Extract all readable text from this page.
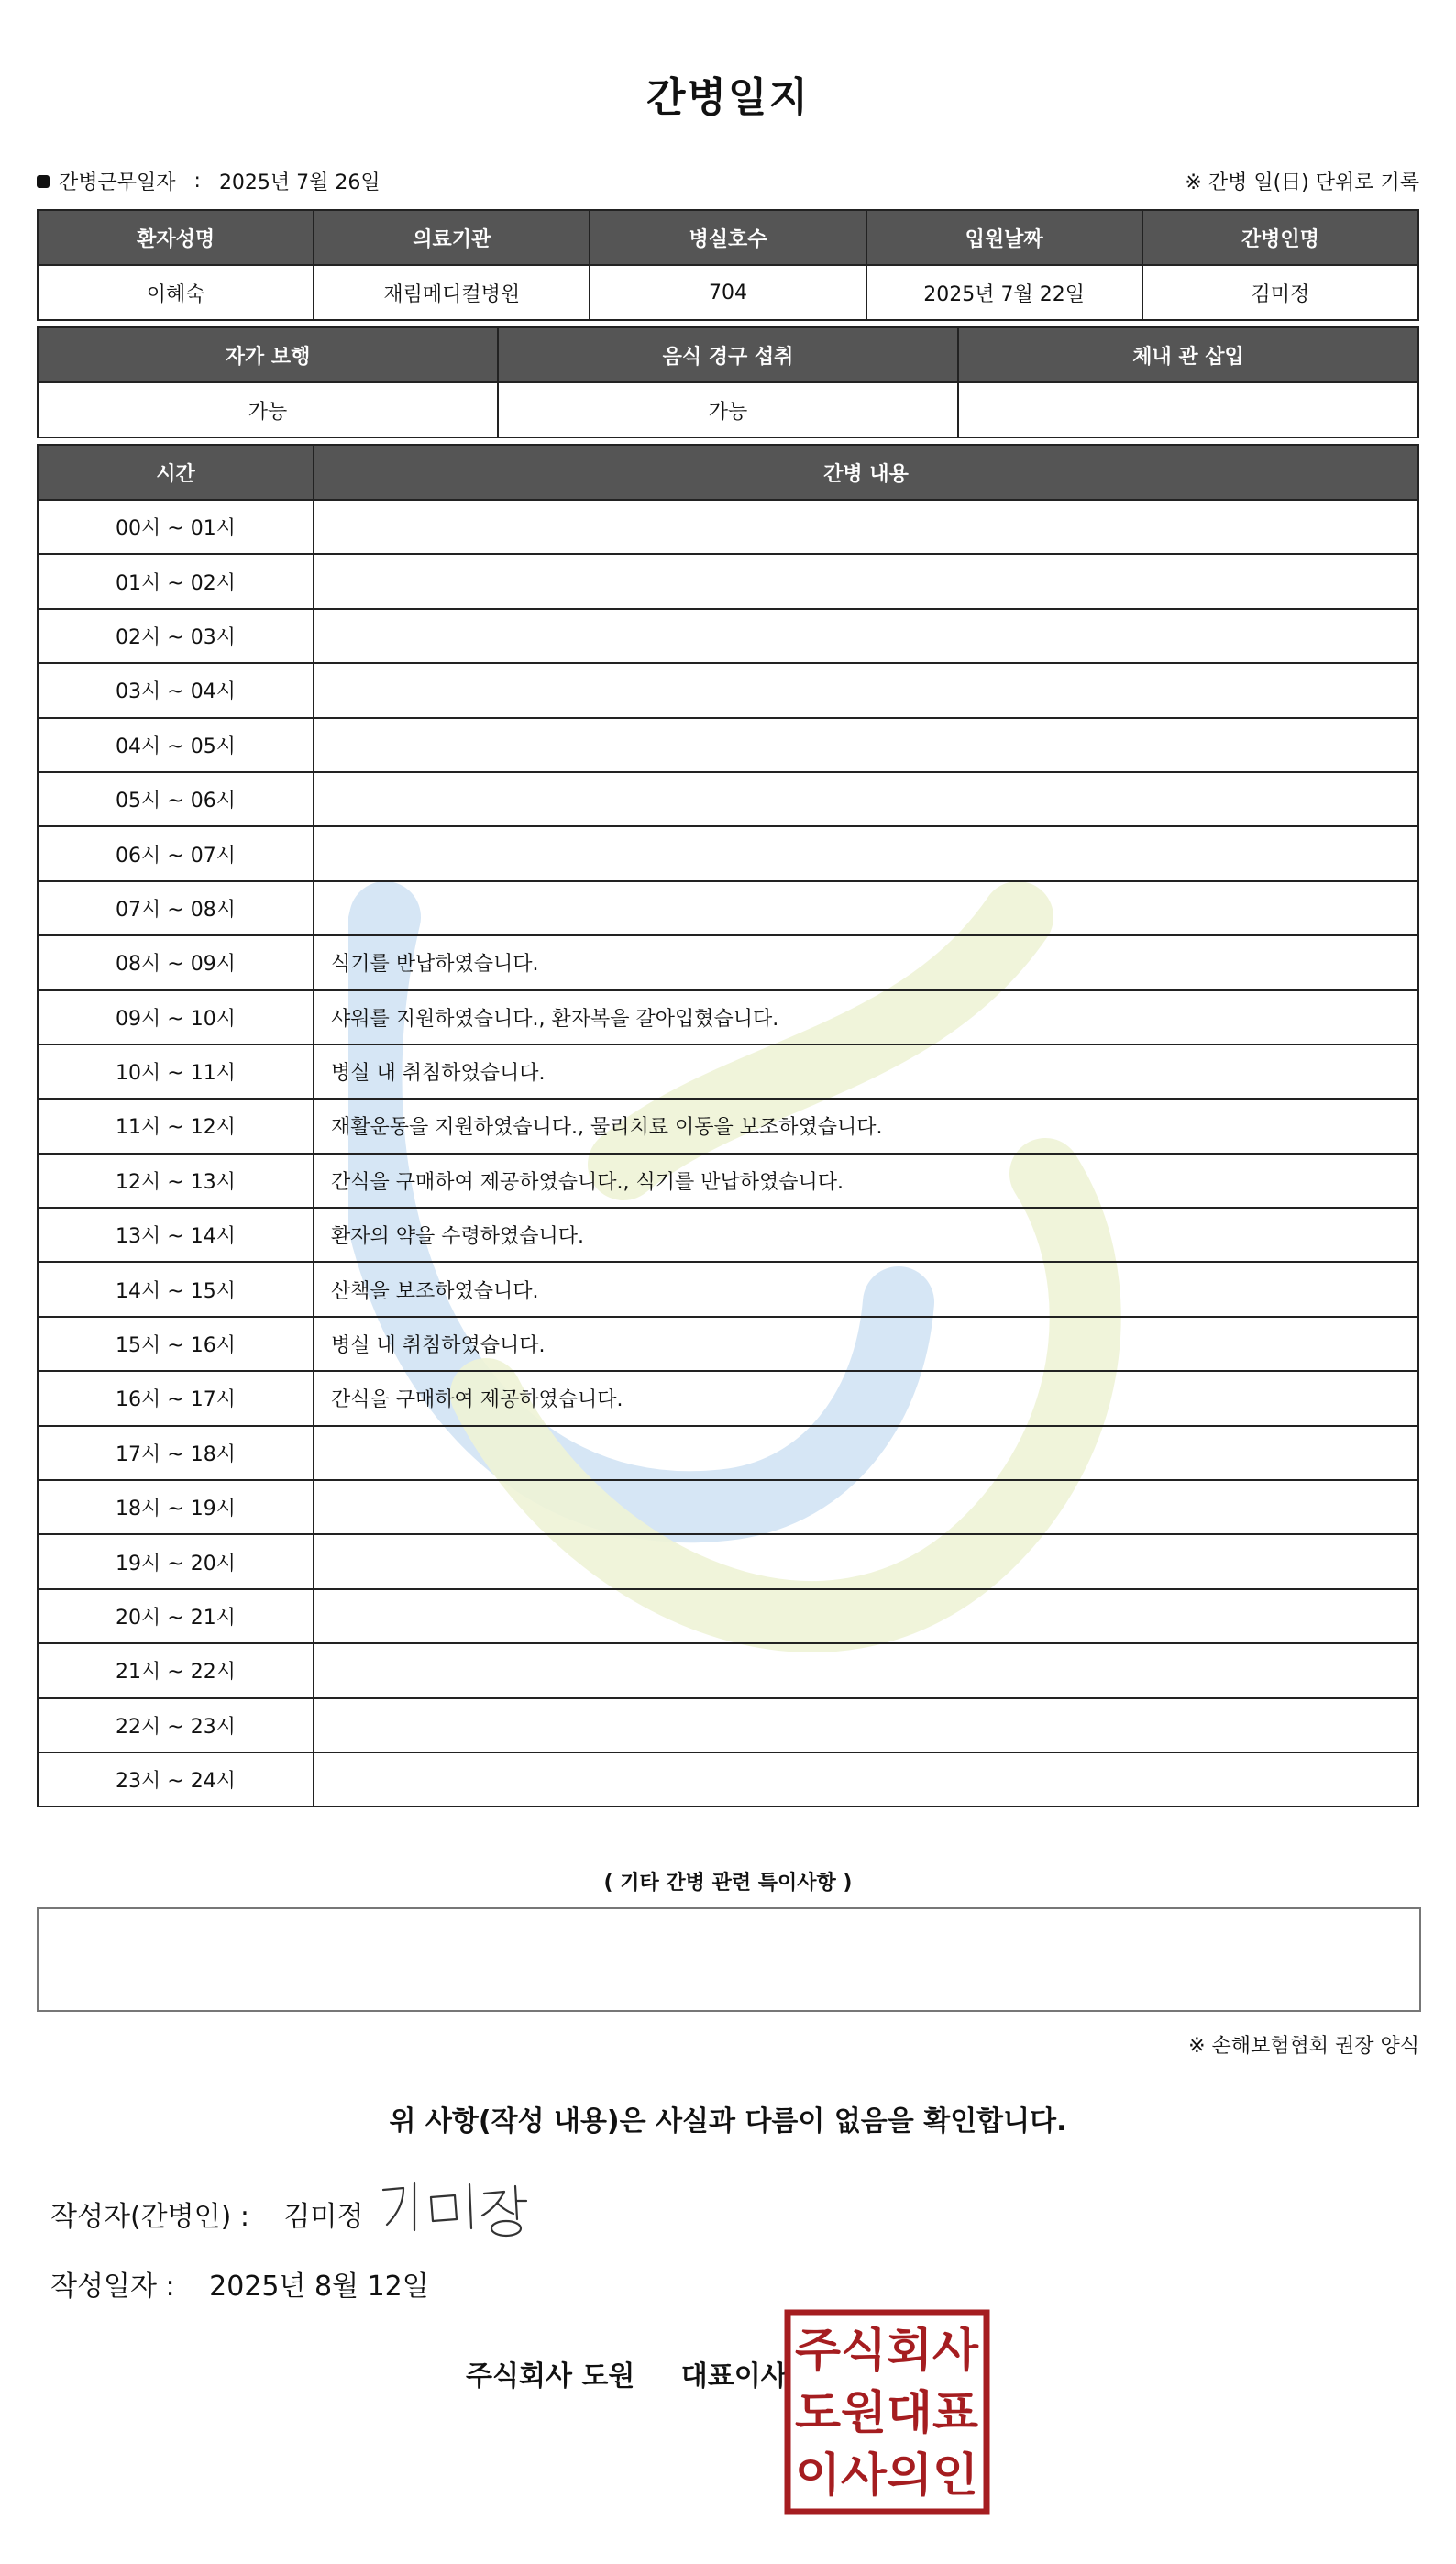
간병일지
간병근무일자 : 2025년 7월 26일	※ 간병 일(日) 단위로 기록
환자성명	의료기관	병실호수	입원날짜	간병인명
이혜숙	재림메디컬병원	704	2025년 7월 22일	김미정
자가 보행	음식 경구 섭취	체내 관 삽입
가능	가능	
시간	간병 내용
00시 ~ 01시	
01시 ~ 02시	
02시 ~ 03시	
03시 ~ 04시	
04시 ~ 05시	
05시 ~ 06시	
06시 ~ 07시	
07시 ~ 08시	
08시 ~ 09시	식기를 반납하였습니다.
09시 ~ 10시	샤워를 지원하였습니다., 환자복을 갈아입혔습니다.
10시 ~ 11시	병실 내 취침하였습니다.
11시 ~ 12시	재활운동을 지원하였습니다., 물리치료 이동을 보조하였습니다.
12시 ~ 13시	간식을 구매하여 제공하였습니다., 식기를 반납하였습니다.
13시 ~ 14시	환자의 약을 수령하였습니다.
14시 ~ 15시	산책을 보조하였습니다.
15시 ~ 16시	병실 내 취침하였습니다.
16시 ~ 17시	간식을 구매하여 제공하였습니다.
17시 ~ 18시	
18시 ~ 19시	
19시 ~ 20시	
20시 ~ 21시	
21시 ~ 22시	
22시 ~ 23시	
23시 ~ 24시	
( 기타 간병 관련 특이사항 )
※ 손해보험협회 권장 양식
위 사항(작성 내용)은 사실과 다름이 없음을 확인합니다.
작성자(간병인) : 김미정
작성일자 : 2025년 8월 12일
주식회사 도원 대표이사 주식회사
도원대표
이사의인
